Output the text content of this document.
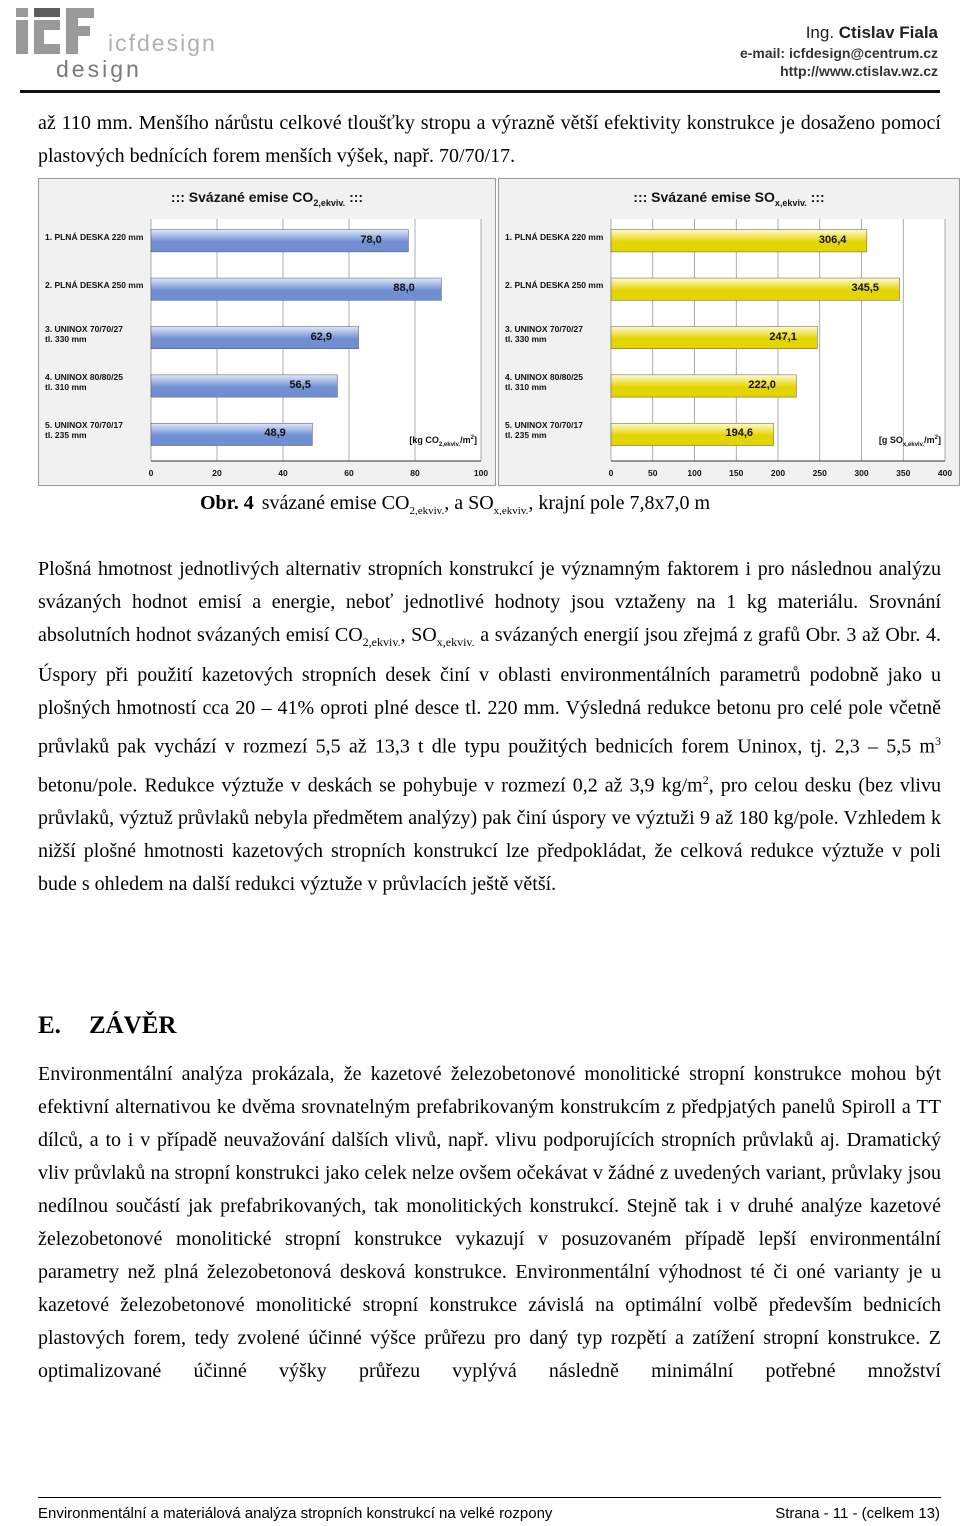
icfdesign
design
Ing. Ctislav Fiala
e-mail: icfdesign@centrum.cz
http://www.ctislav.wz.cz

až 110 mm. Menšího nárůstu celkové tloušťky stropu a výrazně větší efektivity konstrukce je dosaženo pomocí plastových bednících forem menších výšek, např. 70/70/17.

::: Svázané emise $CO_{2,ekviv.}$ :::
0	20	40	60	80	100
78,0
1. PLNÁ DESKA 220 mm
88,0
2. PLNÁ DESKA 250 mm
62,9
3. UNINOX 70/70/27
tl. 330 mm
56,5
4. UNINOX 80/80/25
tl. 310 mm
48,9
5. UNINOX 70/70/17
tl. 235 mm	[kg $CO_{2,ekviv.}/m^2$]
::: Svázané emise $SO_{x,ekviv.}$ :::
0	50	100	150	200	250	300	350	400
306,4
1. PLNÁ DESKA 220 mm
345,5
2. PLNÁ DESKA 250 mm
247,1
3. UNINOX 70/70/27
tl. 330 mm
222,0
4. UNINOX 80/80/25
tl. 310 mm
194,6
5. UNINOX 70/70/17
tl. 235 mm	[g $SO_{x,ekviv.}/m^2$]
Obr. 4 svázané emise $CO_{2,ekviv.}$, a $SO_{x,ekviv.}$, krajní pole 7,8x7,0 m

Plošná hmotnost jednotlivých alternativ stropních konstrukcí je významným faktorem i pro následnou analýzu svázaných hodnot emisí a energie, neboť jednotlivé hodnoty jsou vztaženy na 1 kg materiálu. Srovnání absolutních hodnot svázaných emisí $CO_{2,ekviv.}$, $SO_{x,ekviv.}$ a svázaných energií jsou zřejmá z grafů Obr. 3 až Obr. 4. Úspory při použití kazetových stropních desek činí v oblasti environmentálních parametrů podobně jako u plošných hmotností cca 20 – 41% oproti plné desce tl. 220 mm. Výsledná redukce betonu pro celé pole včetně průvlaků pak vychází v rozmezí 5,5 až 13,3 t dle typu použitých bednicích forem Uninox, tj. 2,3 – 5,5 $m^3$ betonu/pole. Redukce výztuže v deskách se pohybuje v rozmezí 0,2 až 3,9 $kg/m^2$, pro celou desku (bez vlivu průvlaků, výztuž průvlaků nebyla předmětem analýzy) pak činí úspory ve výztuži 9 až 180 kg/pole. Vzhledem k nižší plošné hmotnosti kazetových stropních konstrukcí lze předpokládat, že celková redukce výztuže v poli bude s ohledem na další redukci výztuže v průvlacích ještě větší.

E. ZÁVĚR

Environmentální analýza prokázala, že kazetové železobetonové monolitické stropní konstrukce mohou být efektivní alternativou ke dvěma srovnatelným prefabrikovaným konstrukcím z předpjatých panelů Spiroll a TT dílců, a to i v případě neuvažování dalších vlivů, např. vlivu podporujících stropních průvlaků aj. Dramatický vliv průvlaků na stropní konstrukci jako celek nelze ovšem očekávat v žádné z uvedených variant, průvlaky jsou nedílnou součástí jak prefabrikovaných, tak monolitických konstrukcí. Stejně tak i v druhé analýze kazetové železobetonové monolitické stropní konstrukce vykazují v posuzovaném případě lepší environmentální parametry než plná železobetonová desková konstrukce. Environmentální výhodnost té či oné varianty je u kazetové železobetonové monolitické stropní konstrukce závislá na optimální volbě především bednicích plastových forem, tedy zvolené účinné výšce průřezu pro daný typ rozpětí a zatížení stropní konstrukce. Z optimalizované účinné výšky průřezu vyplývá následně minimální potřebné množství

Environmentální a materiálová analýza stropních konstrukcí na velké rozpony	Strana - 11 - (celkem 13)
